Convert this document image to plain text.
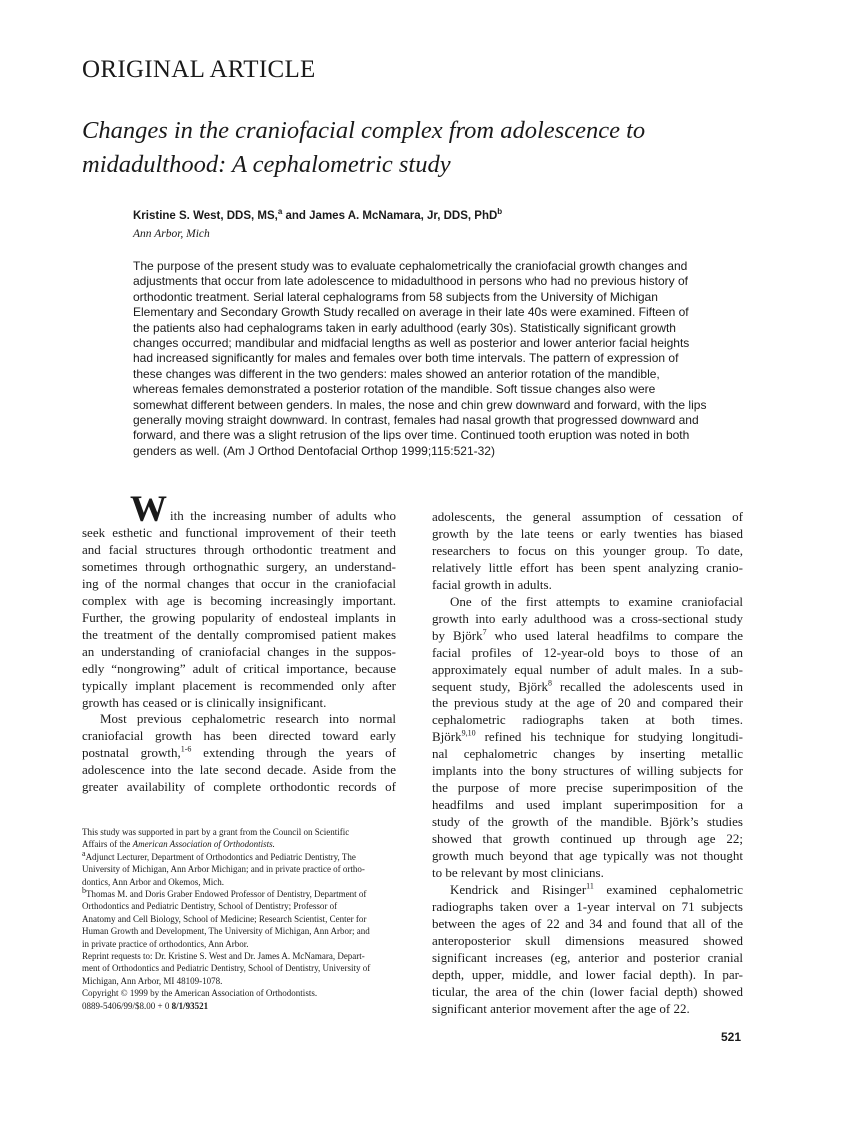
ORIGINAL ARTICLE
Changes in the craniofacial complex from adolescence to
midadulthood: A cephalometric study
Kristine S. West, DDS, MS,$^a$ and James A. McNamara, Jr, DDS, PhD$^b$
Ann Arbor, Mich
The purpose of the present study was to evaluate cephalometrically the craniofacial growth changes and
adjustments that occur from late adolescence to midadulthood in persons who had no previous history of
orthodontic treatment. Serial lateral cephalograms from 58 subjects from the University of Michigan
Elementary and Secondary Growth Study recalled on average in their late 40s were examined. Fifteen of
the patients also had cephalograms taken in early adulthood (early 30s). Statistically significant growth
changes occurred; mandibular and midfacial lengths as well as posterior and lower anterior facial heights
had increased significantly for males and females over both time intervals. The pattern of expression of
these changes was different in the two genders: males showed an anterior rotation of the mandible,
whereas females demonstrated a posterior rotation of the mandible. Soft tissue changes also were
somewhat different between genders. In males, the nose and chin grew downward and forward, with the lips
generally moving straight downward. In contrast, females had nasal growth that progressed downward and
forward, and there was a slight retrusion of the lips over time. Continued tooth eruption was noted in both
genders as well. (Am J Orthod Dentofacial Orthop 1999;115:521-32)
W ith the increasing number of adults who
seek esthetic and functional improvement of their teeth
and facial structures through orthodontic treatment and
sometimes through orthognathic surgery, an understand-
ing of the normal changes that occur in the craniofacial
complex with age is becoming increasingly important.
Further, the growing popularity of endosteal implants in
the treatment of the dentally compromised patient makes
an understanding of craniofacial changes in the suppos-
edly “nongrowing” adult of critical importance, because
typically implant placement is recommended only after
growth has ceased or is clinically insignificant.
Most previous cephalometric research into normal
craniofacial growth has been directed toward early
postnatal growth,$^{1-6}$ extending through the years of
adolescence into the late second decade. Aside from the
greater availability of complete orthodontic records of
adolescents, the general assumption of cessation of
growth by the late teens or early twenties has biased
researchers to focus on this younger group. To date,
relatively little effort has been spent analyzing cranio-
facial growth in adults.
One of the first attempts to examine craniofacial
growth into early adulthood was a cross-sectional study
by Björk$^7$ who used lateral headfilms to compare the
facial profiles of 12-year-old boys to those of an
approximately equal number of adult males. In a sub-
sequent study, Björk$^8$ recalled the adolescents used in
the previous study at the age of 20 and compared their
cephalometric radiographs taken at both times.
Björk$^{9,10}$ refined his technique for studying longitudi-
nal cephalometric changes by inserting metallic
implants into the bony structures of willing subjects for
the purpose of more precise superimposition of the
headfilms and used implant superimposition for a
study of the growth of the mandible. Björk’s studies
showed that growth continued up through age 22;
growth much beyond that age typically was not thought
to be relevant by most clinicians.
Kendrick and Risinger$^{11}$ examined cephalometric
radiographs taken over a 1-year interval on 71 subjects
between the ages of 22 and 34 and found that all of the
anteroposterior skull dimensions measured showed
significant increases (eg, anterior and posterior cranial
depth, upper, middle, and lower facial depth). In par-
ticular, the area of the chin (lower facial depth) showed
significant anterior movement after the age of 22.
This study was supported in part by a grant from the Council on Scientific
Affairs of the American Association of Orthodontists.
$^a$Adjunct Lecturer, Department of Orthodontics and Pediatric Dentistry, The
University of Michigan, Ann Arbor Michigan; and in private practice of ortho-
dontics, Ann Arbor and Okemos, Mich.
$^b$Thomas M. and Doris Graber Endowed Professor of Dentistry, Department of
Orthodontics and Pediatric Dentistry, School of Dentistry; Professor of
Anatomy and Cell Biology, School of Medicine; Research Scientist, Center for
Human Growth and Development, The University of Michigan, Ann Arbor; and
in private practice of orthodontics, Ann Arbor.
Reprint requests to: Dr. Kristine S. West and Dr. James A. McNamara, Depart-
ment of Orthodontics and Pediatric Dentistry, School of Dentistry, University of
Michigan, Ann Arbor, MI 48109-1078.
Copyright © 1999 by the American Association of Orthodontists.
0889-5406/99/$8.00 + 0 8/1/93521
521
